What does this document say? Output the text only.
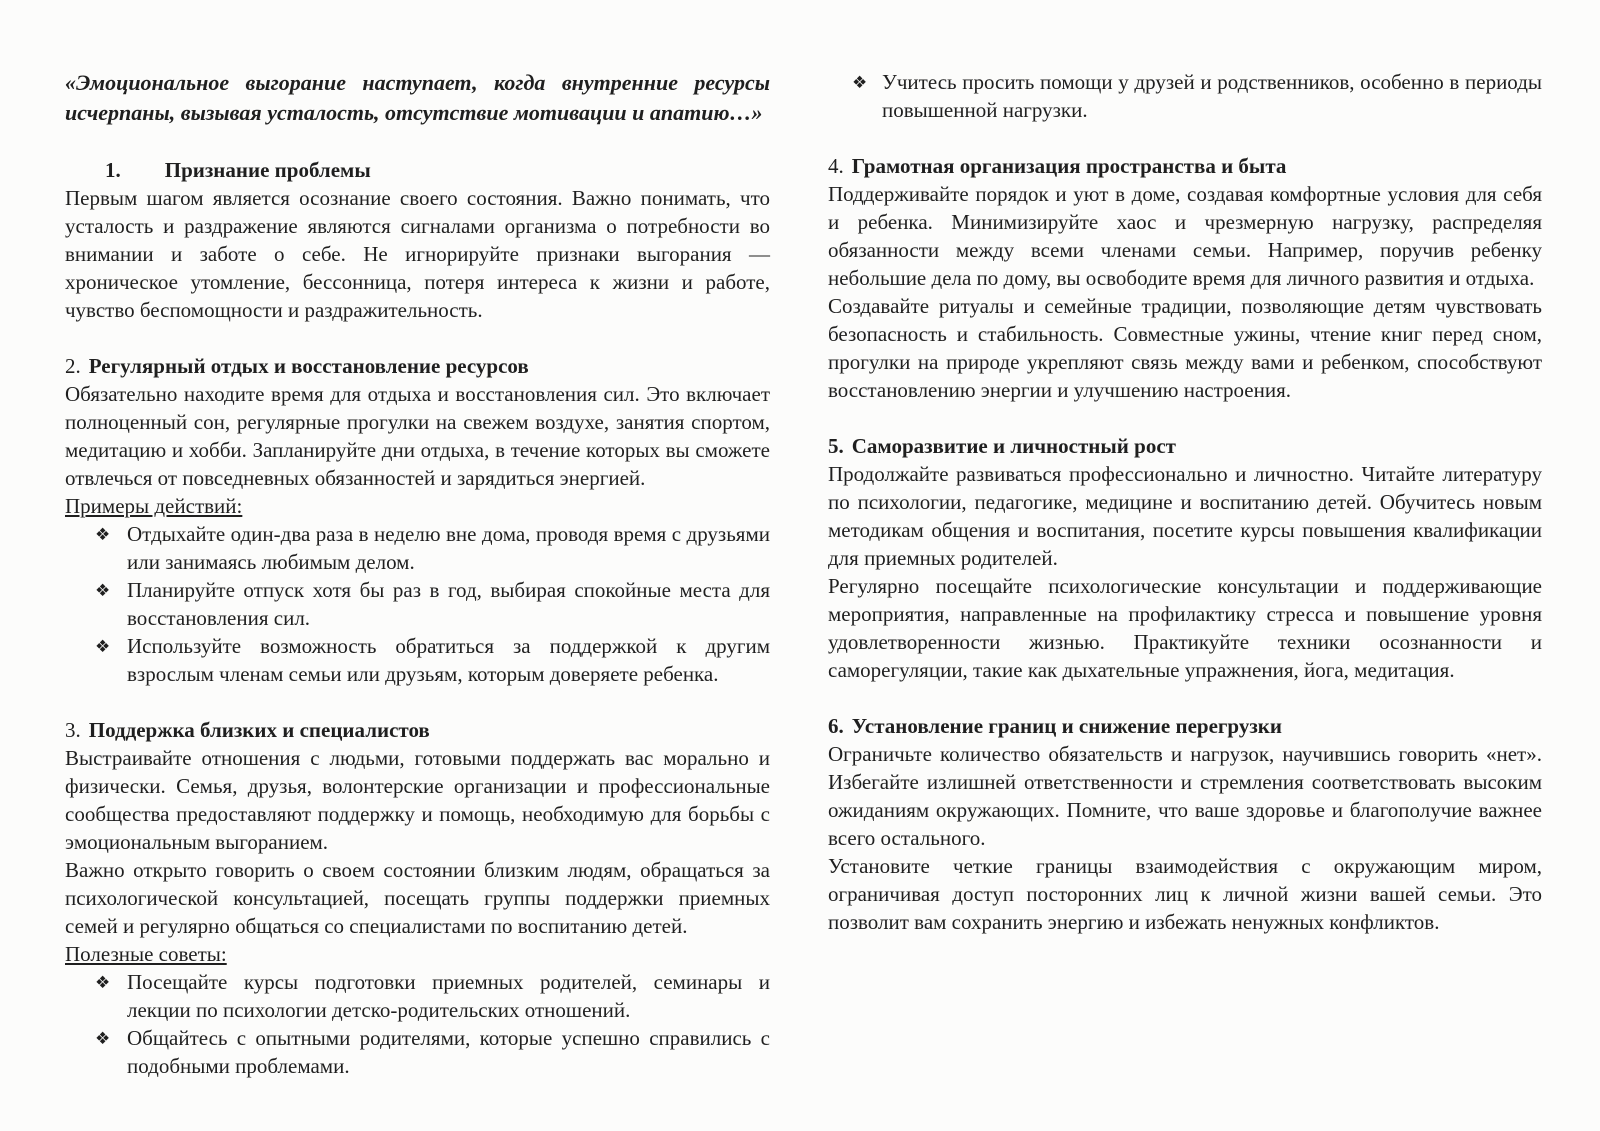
«Эмоциональное выгорание наступает, когда внутренние ресурсы исчерпаны, вызывая усталость, отсутствие мотивации и апатию…»

1. Признание проблемы

Первым шагом является осознание своего состояния. Важно понимать, что усталость и раздражение являются сигналами организма о потребности во внимании и заботе о себе. Не игнорируйте признаки выгорания — хроническое утомление, бессонница, потеря интереса к жизни и работе, чувство беспомощности и раздражительность.

2. Регулярный отдых и восстановление ресурсов

Обязательно находите время для отдыха и восстановления сил. Это включает полноценный сон, регулярные прогулки на свежем воздухе, занятия спортом, медитацию и хобби. Запланируйте дни отдыха, в течение которых вы сможете отвлечься от повседневных обязанностей и зарядиться энергией.

Примеры действий:

❖ Отдыхайте один-два раза в неделю вне дома, проводя время с друзьями или занимаясь любимым делом.

❖ Планируйте отпуск хотя бы раз в год, выбирая спокойные места для восстановления сил.

❖ Используйте возможность обратиться за поддержкой к другим взрослым членам семьи или друзьям, которым доверяете ребенка.

3. Поддержка близких и специалистов

Выстраивайте отношения с людьми, готовыми поддержать вас морально и физически. Семья, друзья, волонтерские организации и профессиональные сообщества предоставляют поддержку и помощь, необходимую для борьбы с эмоциональным выгоранием.

Важно открыто говорить о своем состоянии близким людям, обращаться за психологической консультацией, посещать группы поддержки приемных семей и регулярно общаться со специалистами по воспитанию детей.

Полезные советы:

❖ Посещайте курсы подготовки приемных родителей, семинары и лекции по психологии детско-родительских отношений.

❖ Общайтесь с опытными родителями, которые успешно справились с подобными проблемами.

❖ Учитесь просить помощи у друзей и родственников, особенно в периоды повышенной нагрузки.

4. Грамотная организация пространства и быта

Поддерживайте порядок и уют в доме, создавая комфортные условия для себя и ребенка. Минимизируйте хаос и чрезмерную нагрузку, распределяя обязанности между всеми членами семьи. Например, поручив ребенку небольшие дела по дому, вы освободите время для личного развития и отдыха.

Создавайте ритуалы и семейные традиции, позволяющие детям чувствовать безопасность и стабильность. Совместные ужины, чтение книг перед сном, прогулки на природе укрепляют связь между вами и ребенком, способствуют восстановлению энергии и улучшению настроения.

5. Саморазвитие и личностный рост

Продолжайте развиваться профессионально и личностно. Читайте литературу по психологии, педагогике, медицине и воспитанию детей. Обучитесь новым методикам общения и воспитания, посетите курсы повышения квалификации для приемных родителей.

Регулярно посещайте психологические консультации и поддерживающие мероприятия, направленные на профилактику стресса и повышение уровня удовлетворенности жизнью. Практикуйте техники осознанности и саморегуляции, такие как дыхательные упражнения, йога, медитация.

6. Установление границ и снижение перегрузки

Ограничьте количество обязательств и нагрузок, научившись говорить «нет». Избегайте излишней ответственности и стремления соответствовать высоким ожиданиям окружающих. Помните, что ваше здоровье и благополучие важнее всего остального.

Установите четкие границы взаимодействия с окружающим миром, ограничивая доступ посторонних лиц к личной жизни вашей семьи. Это позволит вам сохранить энергию и избежать ненужных конфликтов.
